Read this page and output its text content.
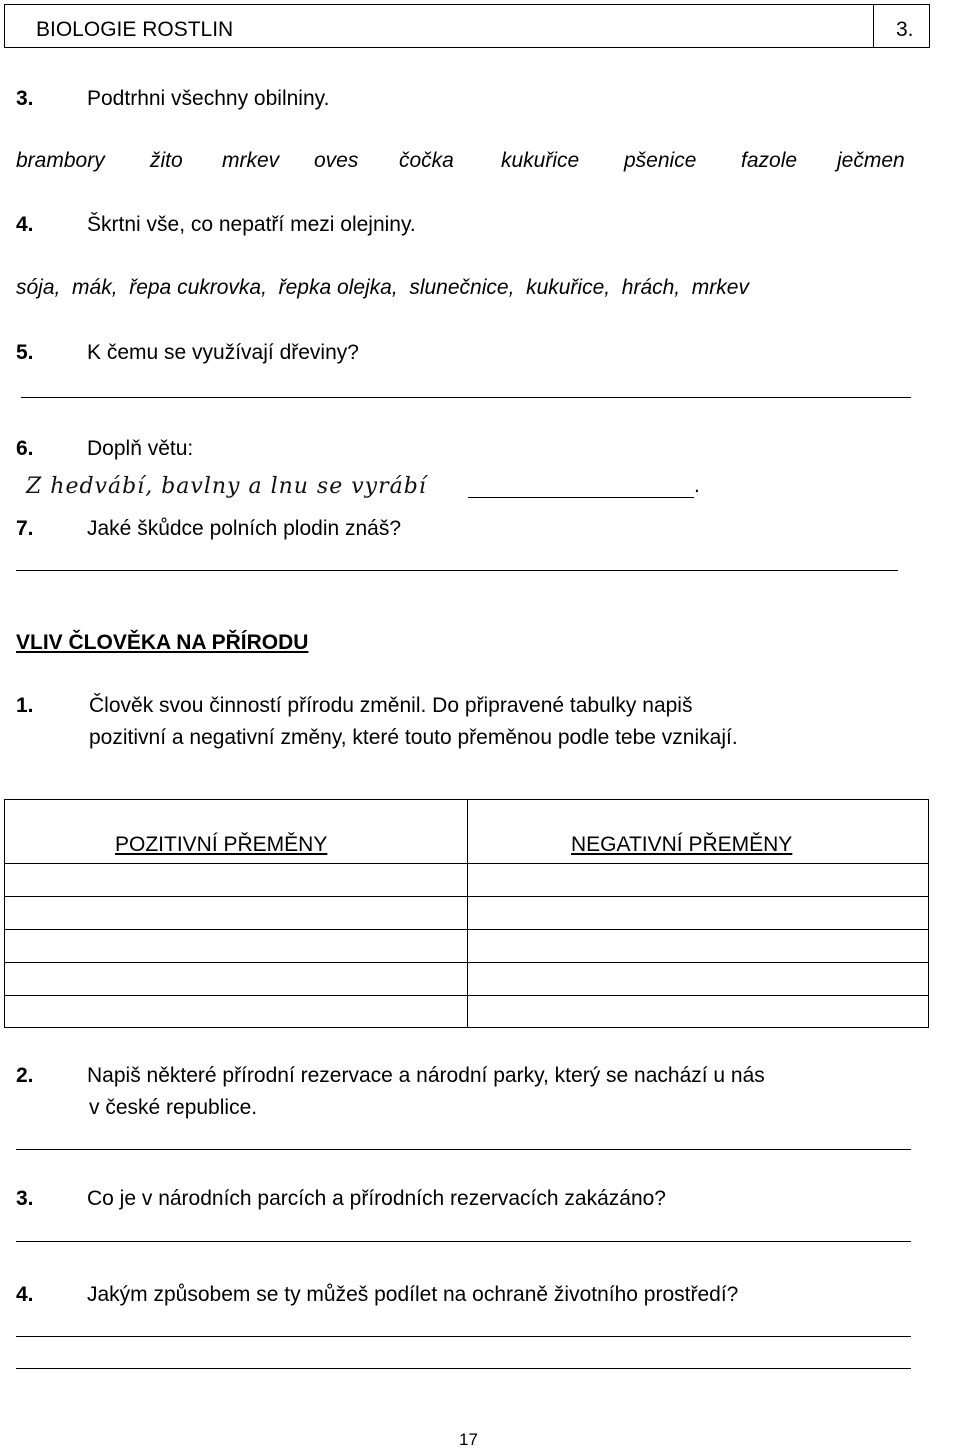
BIOLOGIE ROSTLIN	3.
3.	Podtrhni všechny obilniny.
brambory žito mrkev oves čočka kukuřice pšenice fazole ječmen
4.	Škrtni vše, co nepatří mezi olejniny.
sója,  mák,  řepa cukrovka,  řepka olejka,  slunečnice,  kukuřice,  hrách,  mrkev
5.	K čemu se využívají dřeviny?
6.	Doplň větu:
Z hedvábí, bavlny a lnu se vyrábí	.
7.	Jaké škůdce polních plodin znáš?
VLIV ČLOVĚKA NA PŘÍRODU
1.	Člověk svou činností přírodu změnil. Do připravené tabulky napiš
pozitivní a negativní změny, které touto přeměnou podle tebe vznikají.
POZITIVNÍ PŘEMĚNY	NEGATIVNÍ PŘEMĚNY
2.	Napiš některé přírodní rezervace a národní parky, který se nachází u nás
v české republice.
3.	Co je v národních parcích a přírodních rezervacích zakázáno?
4.	Jakým způsobem se ty můžeš podílet na ochraně životního prostředí?
17
